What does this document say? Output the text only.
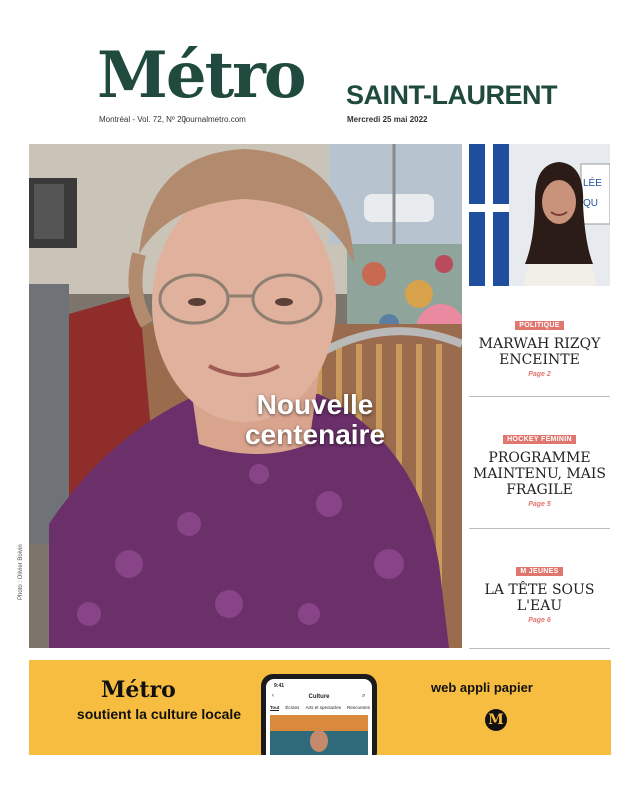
Métro SAINT-LAURENT
Montréal - Vol. 72, Nº 20
journalmetro.com	Mercredi 25 mai 2022
Photo : Olivier Boivin
Nouvelle centenaire
LÉE
QU
POLITIQUE
MARWAH RIZQY ENCEINTE
Page 2
HOCKEY FÉMININ
PROGRAMME MAINTENU, MAIS FRAGILE
Page 5
M JEUNES
LA TÊTE SOUS L'EAU
Page 6
Métro
soutient la culture locale
9:41
‹	Culture	⌕
Tout Écrans Arts et spectacles Rencontres
web appli papier
M
